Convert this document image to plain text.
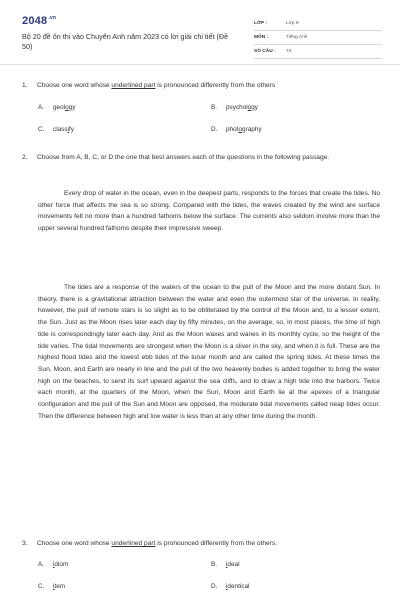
$2048^{.vn}$
Bộ 20 đề ôn thi vào Chuyên Anh năm 2023 có lời giải chi tiết (Đề 50)
LỚP :	Lớp 9
MÔN :	Tiếng Anh
SỐ CÂU :	74
1.	Choose one word whose underlined part is pronounced differently from the others
A. geology	B. psychology
C. classify	D. photography
2.	Choose from A, B, C, or D the one that best answers each of the questions in the following passage.
Every drop of water in the ocean, even in the deepest parts, responds to the forces that create the tides. No other force that affects the sea is so strong. Compared with the tides, the waves created by the wind are surface movements felt no more than a hundred fathoms below the surface. The currents also seldom involve more than the upper several hundred fathoms despite their impressive sweep.
The tides are a response of the waters of the ocean to the pull of the Moon and the more distant Sun. In theory, there is a gravitational attraction between the water and even the outermost star of the universe. In reality, however, the pull of remote stars is so slight as to be obliterated by the control of the Moon and, to a lesser extent, the Sun. Just as the Moon rises later each day by fifty minutes, on the average, so, in most places, the time of high tide is correspondingly later each day. And as the Moon waxes and wanes in its monthly cycle, so the height of the tide varies. The tidal movements are strongest when the Moon is a sliver in the sky, and when it is full. These are the highest flood tides and the lowest ebb tides of the lunar month and are called the spring tides. At these times the Sun, Moon, and Earth are nearly in line and the pull of the two heavenly bodies is added together to bring the water high on the beaches, to send its surf upward against the sea cliffs, and to draw a high tide into the harbors. Twice each month, at the quarters of the Moon, when the Sun, Moon and Earth lie at the apexes of a triangular configuration and the pull of the Sun and Moon are opposed, the moderate tidal movements called neap tides occur. Then the difference between high and low water is less than at any other time during the month.
3.	Choose one word whose underlined part is pronounced differently from the others.
A. idiom	B. ideal
C. item	D. identical
